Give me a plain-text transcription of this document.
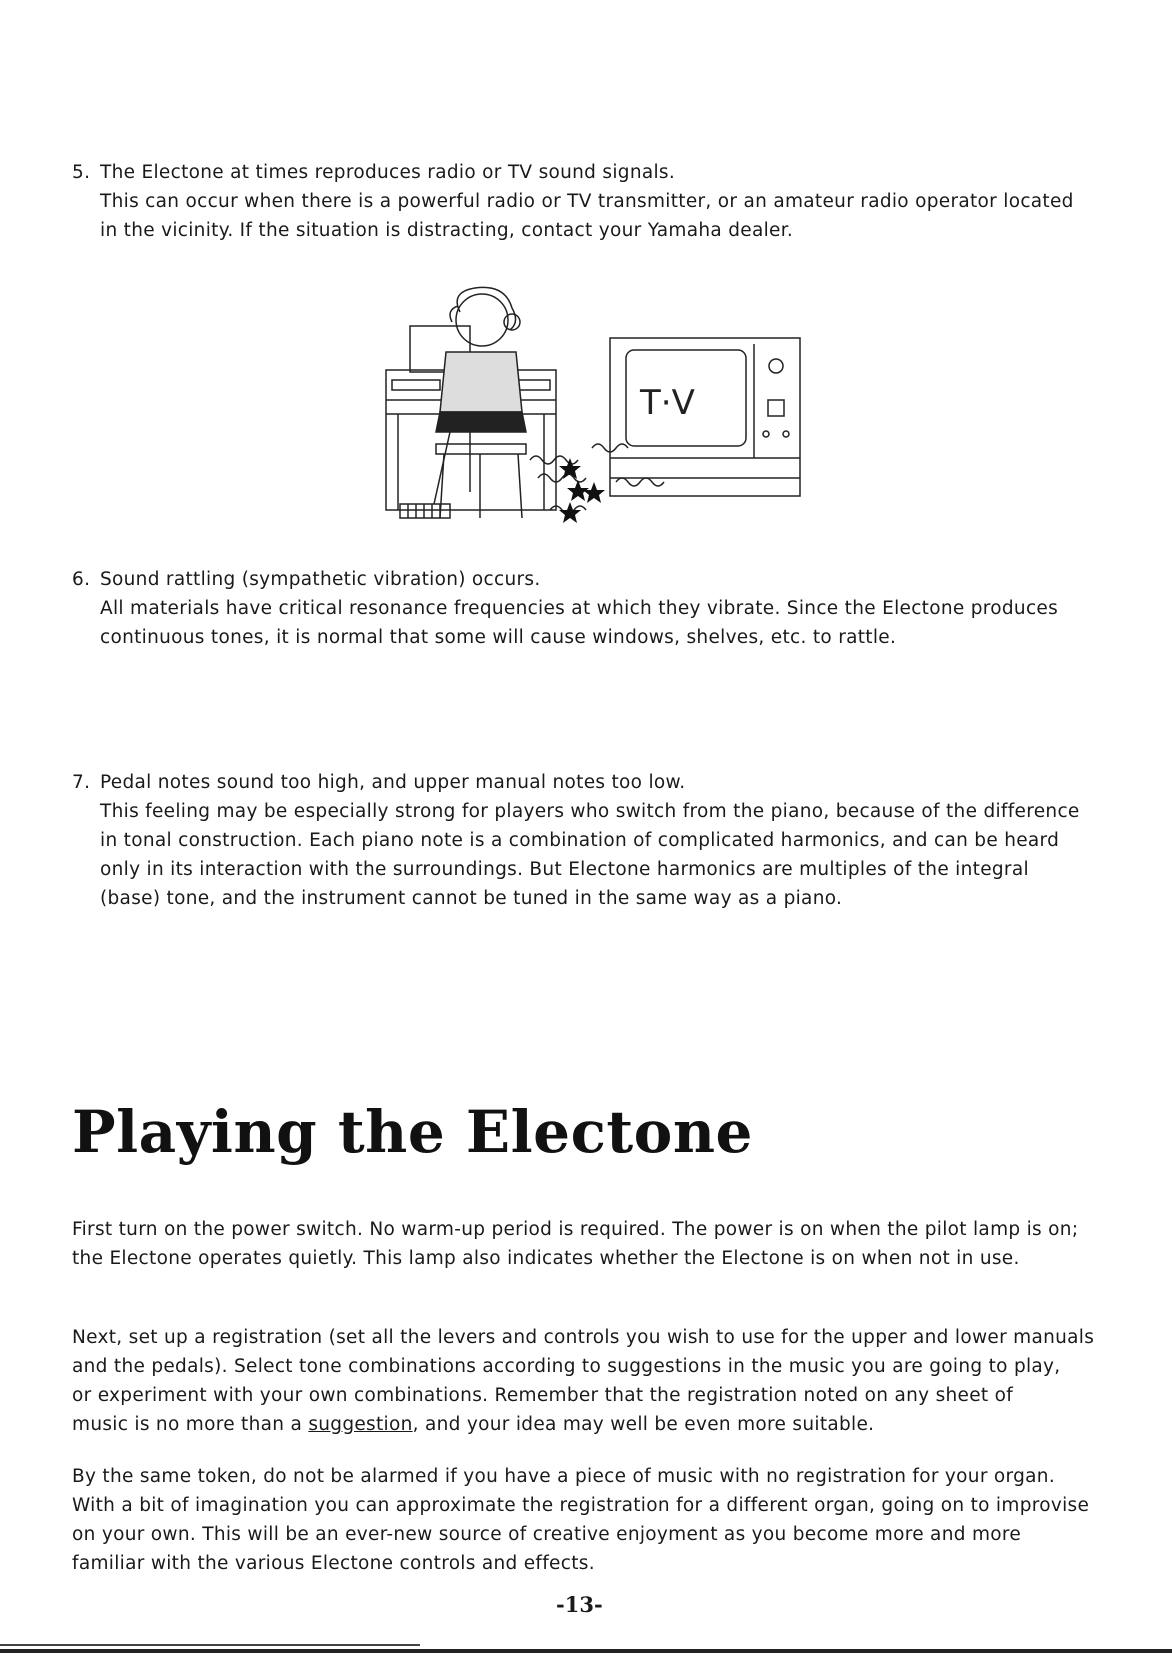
5. The Electone at times reproduces radio or TV sound signals.
This can occur when there is a powerful radio or TV transmitter, or an amateur radio operator located
in the vicinity. If the situation is distracting, contact your Yamaha dealer.
T·V
6. Sound rattling (sympathetic vibration) occurs.
All materials have critical resonance frequencies at which they vibrate. Since the Electone produces
continuous tones, it is normal that some will cause windows, shelves, etc. to rattle.
7. Pedal notes sound too high, and upper manual notes too low.
This feeling may be especially strong for players who switch from the piano, because of the difference
in tonal construction. Each piano note is a combination of complicated harmonics, and can be heard
only in its interaction with the surroundings. But Electone harmonics are multiples of the integral
(base) tone, and the instrument cannot be tuned in the same way as a piano.
Playing the Electone
First turn on the power switch. No warm-up period is required. The power is on when the pilot lamp is on;
the Electone operates quietly. This lamp also indicates whether the Electone is on when not in use.
Next, set up a registration (set all the levers and controls you wish to use for the upper and lower manuals
and the pedals). Select tone combinations according to suggestions in the music you are going to play,
or experiment with your own combinations. Remember that the registration noted on any sheet of
music is no more than a suggestion, and your idea may well be even more suitable.
By the same token, do not be alarmed if you have a piece of music with no registration for your organ.
With a bit of imagination you can approximate the registration for a different organ, going on to improvise
on your own. This will be an ever-new source of creative enjoyment as you become more and more
familiar with the various Electone controls and effects.
-13-
